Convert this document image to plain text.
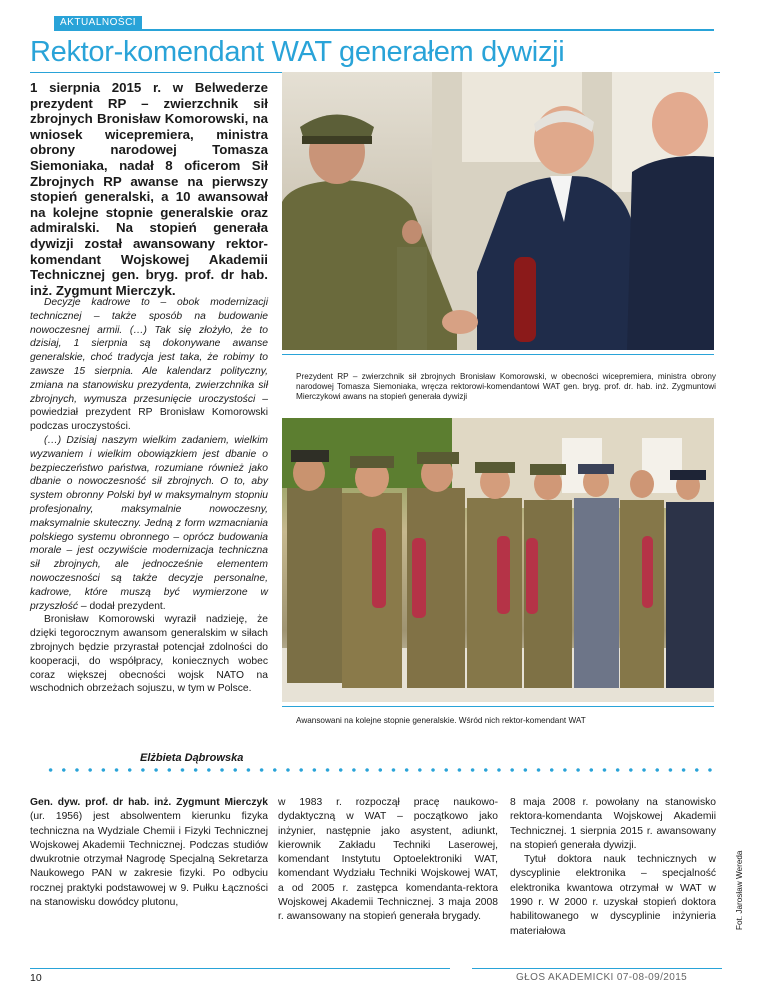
AKTUALNOŚCI
Rektor-komendant WAT generałem dywizji

1 sierpnia 2015 r. w Belwederze prezydent RP – zwierzchnik sił zbrojnych Bronisław Komorowski, na wniosek wicepremiera, ministra obrony narodowej Tomasza Siemoniaka, nadał 8 oficerom Sił Zbrojnych RP awanse na pierwszy stopień generalski, a 10 awansował na kolejne stopnie generalskie oraz admiralski. Na stopień generała dywizji został awansowany rektor-komendant Wojskowej Akademii Technicznej gen. bryg. prof. dr hab. inż. Zygmunt Mierczyk.

Decyzje kadrowe to – obok modernizacji technicznej – także sposób na budowanie nowoczesnej armii. (…) Tak się złożyło, że to dzisiaj, 1 sierpnia są dokonywane awanse generalskie, choć tradycja jest taka, że robimy to zawsze 15 sierpnia. Ale kalendarz polityczny, zmiana na stanowisku prezydenta, zwierzchnika sił zbrojnych, wymusza przesunięcie uroczystości – powiedział prezydent RP Bronisław Komorowski podczas uroczystości.

(…) Dzisiaj naszym wielkim zadaniem, wielkim wyzwaniem i wielkim obowiązkiem jest dbanie o bezpieczeństwo państwa, rozumiane również jako dbanie o nowoczesność sił zbrojnych. O to, aby system obronny Polski był w maksymalnym stopniu profesjonalny, maksymalnie nowoczesny, maksymalnie skuteczny. Jedną z form wzmacniania polskiego systemu obronnego – oprócz budowania morale – jest oczywiście modernizacja techniczna sił zbrojnych, ale jednocześnie elementem nowoczesności są także decyzje personalne, kadrowe, które muszą być wymierzone w przyszłość – dodał prezydent.

Bronisław Komorowski wyraził nadzieję, że dzięki tegorocznym awansom generalskim w siłach zbrojnych będzie przyrastał potencjał zdolności do kooperacji, do współpracy, koniecznych wobec coraz większej obecności wojsk NATO na wschodnich obrzeżach sojuszu, w tym w Polsce.

Elżbieta Dąbrowska
Prezydent RP – zwierzchnik sił zbrojnych Bronisław Komorowski, w obecności wicepremiera, ministra obrony narodowej Tomasza Siemoniaka, wręcza rektorowi-komendantowi WAT gen. bryg. prof. dr. hab. inż. Zygmuntowi Mierczykowi awans na stopień generała dywizji
Awansowani na kolejne stopnie generalskie. Wśród nich rektor-komendant WAT

Gen. dyw. prof. dr hab. inż. Zygmunt Mierczyk (ur. 1956) jest absolwentem kierunku fizyka techniczna na Wydziale Chemii i Fizyki Technicznej Wojskowej Akademii Technicznej. Podczas studiów dwukrotnie otrzymał Nagrodę Specjalną Sekretarza Naukowego PAN w zakresie fizyki. Po odbyciu rocznej praktyki podstawowej w 9. Pułku Łączności na stanowisku dowódcy plutonu,

w 1983 r. rozpoczął pracę naukowo-dydaktyczną w WAT – początkowo jako inżynier, następnie jako asystent, adiunkt, kierownik Zakładu Techniki Laserowej, komendant Instytutu Optoelektroniki WAT, komendant Wydziału Techniki Wojskowej WAT, a od 2005 r. zastępca komendanta-rektora Wojskowej Akademii Technicznej. 3 maja 2008 r. awansowany na stopień generała brygady.

8 maja 2008 r. powołany na stanowisko rektora-komendanta Wojskowej Akademii Technicznej. 1 sierpnia 2015 r. awansowany na stopień generała dywizji.

Tytuł doktora nauk technicznych w dyscyplinie elektronika – specjalność elektronika kwantowa otrzymał w WAT w 1990 r. W 2000 r. uzyskał stopień doktora habilitowanego w dyscyplinie inżynieria materiałowa

Fot. Jarosław Wereda
10	GŁOS AKADEMICKI 07-08-09/2015
